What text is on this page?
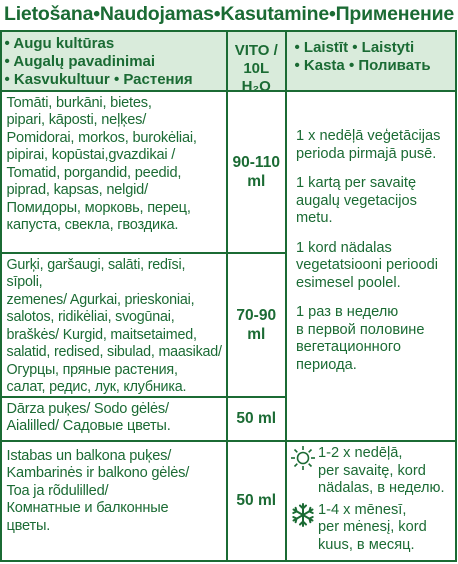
Lietošana•Naudojamas•Kasutamine•Применение
• Augu kultūras
• Augalų pavadinimai
• Kasvukultuur • Растения
VITO /
10L H₂O
• Laistīt • Laistyti
• Kasta • Поливать
Tomāti, burkāni, bietes,
pipari, kāposti, neļķes/
Pomidorai, morkos, burokėliai,
pipirai, kopūstai,gvazdikai /
Tomatid, porgandid, peedid,
piprad, kapsas, nelgid/
Помидоры, морковь, перец,
капуста, свекла, гвоздика.
90-110
ml
Gurķi, garšaugi, salāti, redīsi, sīpoli,
zemenes/ Agurkai, prieskoniai,
salotos, ridikėliai, svogūnai,
braškės/ Kurgid, maitsetaimed,
salatid, redised, sibulad, maasikad/
Огурцы, пряные растения,
салат, редис, лук, клубника.
70-90
ml
Dārza puķes/ Sodo gėlės/
Aialilled/ Садовые цветы.	50 ml
Istabas un balkona puķes/
Kambarinės ir balkono gėlės/
Toa ja rõdulilled/
Комнатные и балконные
цветы.
50 ml

1 x nedēļā veģetācijas
perioda pirmajā pusē.

1 kartą per savaitę
augalų vegetacijos
metu.

1 kord nädalas
vegetatsiooni perioodi
esimesel poolel.

1 раз в неделю
в первой половине
вегетационного
периода.

1-2 x nedēļā,
per savaitę, kord
nädalas, в неделю.
1-4 x mēnesī,
per mėnesį, kord
kuus, в месяц.
